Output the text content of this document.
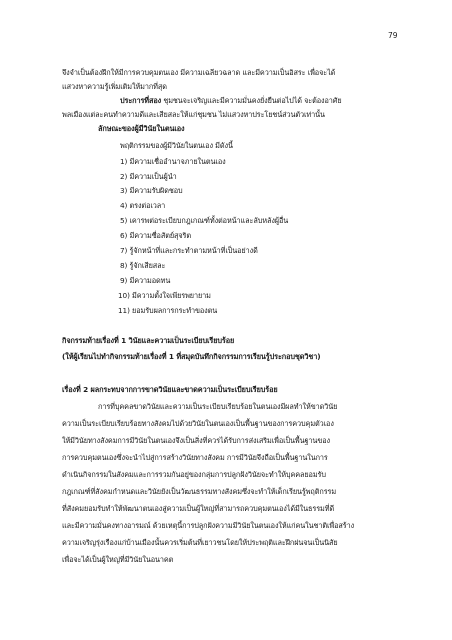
79
จึงจำเป็นต้องฝึกให้มีการควบคุมตนเอง มีความเฉลียวฉลาด และมีความเป็นอิสระ เพื่อจะได้
แสวงหาความรู้เพิ่มเติมให้มากที่สุด
ประการที่สอง ชุมชนจะเจริญและมีความมั่นคงยั่งยืนต่อไปได้ จะต้องอาศัย
พลเมืองแต่ละคนทำความดีและเสียสละให้แก่ชุมชน ไม่แสวงหาประโยชน์ส่วนตัวเท่านั้น
ลักษณะของผู้มีวินัยในตนเอง
พฤติกรรมของผู้มีวินัยในตนเอง มีดังนี้
1) มีความเชื่ออำนาจภายในตนเอง
2) มีความเป็นผู้นำ
3) มีความรับผิดชอบ
4) ตรงต่อเวลา
5) เคารพต่อระเบียบกฎเกณฑ์ทั้งต่อหน้าและลับหลังผู้อื่น
6) มีความซื่อสัตย์สุจริต
7) รู้จักหน้าที่และกระทำตามหน้าที่เป็นอย่างดี
8) รู้จักเสียสละ
9) มีความอดทน
10) มีความตั้งใจเพียรพยายาม
11) ยอมรับผลการกระทำของตน
กิจกรรมท้ายเรื่องที่ 1 วินัยและความเป็นระเบียบเรียบร้อย
(ให้ผู้เรียนไปทำกิจกรรมท้ายเรื่องที่ 1 ที่สมุดบันทึกกิจกรรมการเรียนรู้ประกอบชุดวิชา)
เรื่องที่ 2 ผลกระทบจากการขาดวินัยและขาดความเป็นระเบียบเรียบร้อย
การที่บุคคลขาดวินัยและความเป็นระเบียบเรียบร้อยในตนเองมีผลทำให้ขาดวินัย
ความเป็นระเบียบเรียบร้อยทางสังคมไปด้วยวินัยในตนเองเป็นพื้นฐานของการควบคุมตัวเอง
ให้มีวินัยทางสังคมการมีวินัยในตนเองจึงเป็นสิ่งที่ควรได้รับการส่งเสริมเพื่อเป็นพื้นฐานของ
การควบคุมตนเองซึ่งจะนำไปสู่การสร้างวินัยทางสังคม การมีวินัยจึงถือเป็นพื้นฐานในการ
ดำเนินกิจกรรมในสังคมและการรวมกันอยู่ของกลุ่มการปลูกฝังวินัยจะทำให้บุคคลยอมรับ
กฎเกณฑ์ที่สังคมกำหนดและวินัยยังเป็นวัฒนธรรมทางสังคมซึ่งจะทำให้เด็กเรียนรู้พฤติกรรม
ที่สังคมยอมรับทำให้พัฒนาตนเองสู่ความเป็นผู้ใหญ่ที่สามารถควบคุมตนเองได้มีในธรรมที่ดี
และมีความมั่นคงทางอารมณ์ ด้วยเหตุนี้การปลูกฝังความมีวินัยในตนเองให้แก่คนในชาติเพื่อสร้าง
ความเจริญรุ่งเรืองแก่บ้านเมืองนั้นควรเริ่มต้นที่เยาวชนโดยให้ประพฤติและฝึกฝนจนเป็นนิสัย
เพื่อจะได้เป็นผู้ใหญ่ที่มีวินัยในอนาคต
